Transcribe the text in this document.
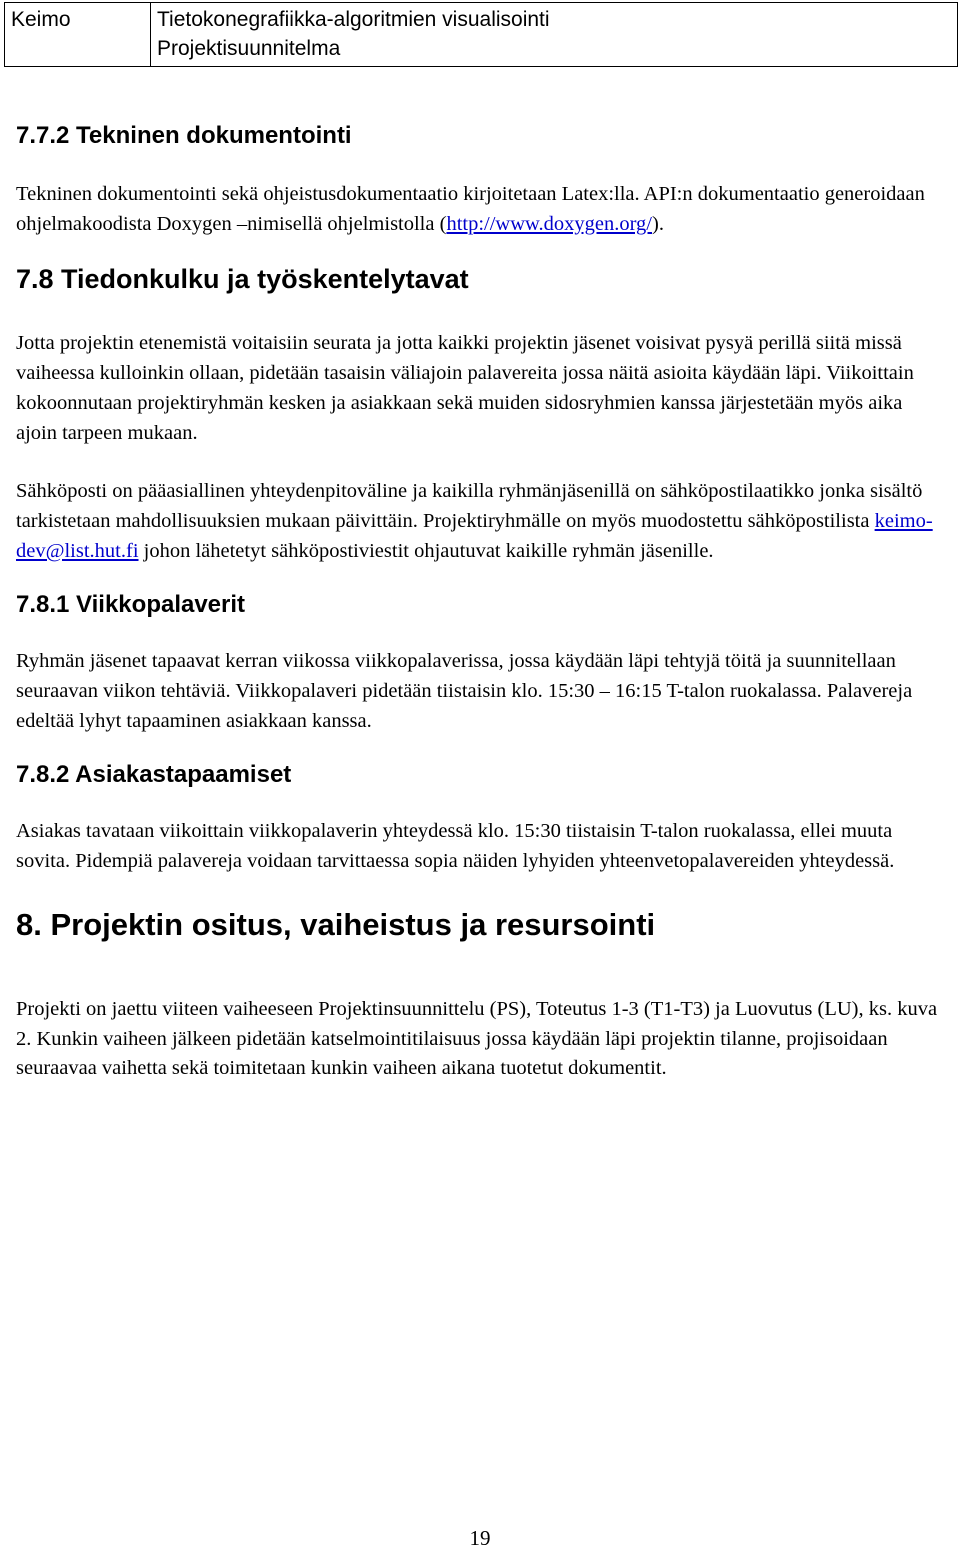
Keimo	Tietokonegrafiikka-algoritmien visualisointi
Projektisuunnitelma
7.7.2 Tekninen dokumentointi

Tekninen dokumentointi sekä ohjeistusdokumentaatio kirjoitetaan Latex:lla. API:n dokumentaatio generoidaan ohjelmakoodista Doxygen –nimisellä ohjelmistolla (http://www.doxygen.org/).

7.8 Tiedonkulku ja työskentelytavat

Jotta projektin etenemistä voitaisiin seurata ja jotta kaikki projektin jäsenet voisivat pysyä perillä siitä missä vaiheessa kulloinkin ollaan, pidetään tasaisin väliajoin palavereita jossa näitä asioita käydään läpi. Viikoittain kokoonnutaan projektiryhmän kesken ja asiakkaan sekä muiden sidosryhmien kanssa järjestetään myös aika ajoin tarpeen mukaan.

Sähköposti on pääasiallinen yhteydenpitoväline ja kaikilla ryhmänjäsenillä on sähköpostilaatikko jonka sisältö tarkistetaan mahdollisuuksien mukaan päivittäin. Projektiryhmälle on myös muodostettu sähköpostilista keimo-dev@list.hut.fi johon lähetetyt sähköpostiviestit ohjautuvat kaikille ryhmän jäsenille.

7.8.1 Viikkopalaverit

Ryhmän jäsenet tapaavat kerran viikossa viikkopalaverissa, jossa käydään läpi tehtyjä töitä ja suunnitellaan seuraavan viikon tehtäviä. Viikkopalaveri pidetään tiistaisin klo. 15:30 – 16:15 T-talon ruokalassa. Palavereja edeltää lyhyt tapaaminen asiakkaan kanssa.

7.8.2 Asiakastapaamiset

Asiakas tavataan viikoittain viikkopalaverin yhteydessä klo. 15:30 tiistaisin T-talon ruokalassa, ellei muuta sovita. Pidempiä palavereja voidaan tarvittaessa sopia näiden lyhyiden yhteenvetopalavereiden yhteydessä.

8. Projektin ositus, vaiheistus ja resursointi

Projekti on jaettu viiteen vaiheeseen Projektinsuunnittelu (PS), Toteutus 1-3 (T1-T3) ja Luovutus (LU), ks. kuva 2. Kunkin vaiheen jälkeen pidetään katselmointitilaisuus jossa käydään läpi projektin tilanne, projisoidaan seuraavaa vaihetta sekä toimitetaan kunkin vaiheen aikana tuotetut dokumentit.

19
